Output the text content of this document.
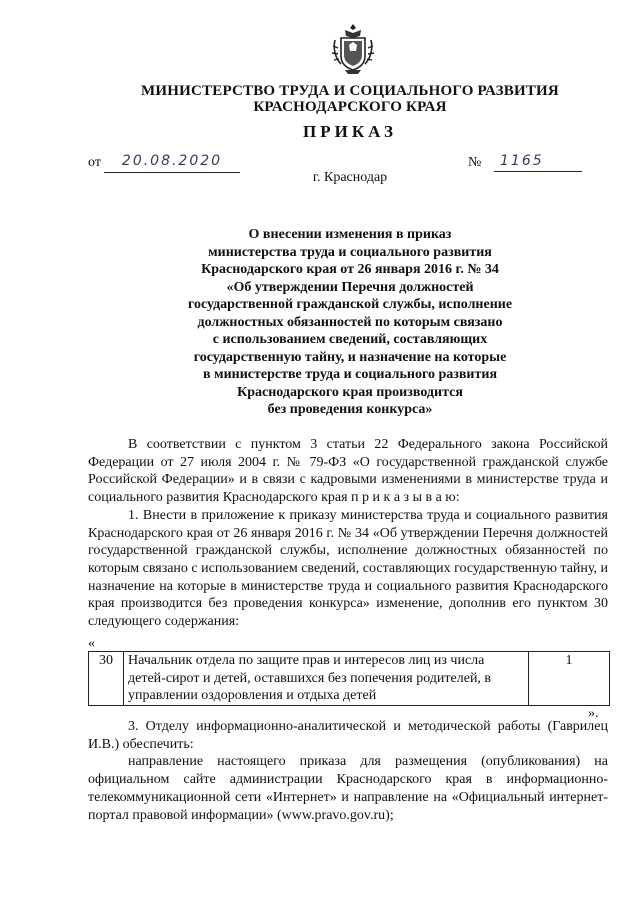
МИНИСТЕРСТВО ТРУДА И СОЦИАЛЬНОГО РАЗВИТИЯ
КРАСНОДАРСКОГО КРАЯ
ПРИКАЗ
от	20.08.2020	№	1165
г. Краснодар
О внесении изменения в приказ
министерства труда и социального развития
Краснодарского края от 26 января 2016 г. № 34
«Об утверждении Перечня должностей
государственной гражданской службы, исполнение
должностных обязанностей по которым связано
с использованием сведений, составляющих
государственную тайну, и назначение на которые
в министерстве труда и социального развития
Краснодарского края производится
без проведения конкурса»

В соответствии с пунктом 3 статьи 22 Федерального закона Российской Федерации от 27 июля 2004 г. № 79-ФЗ «О государственной гражданской службе Российской Федерации» и в связи с кадровыми изменениями в министерстве труда и социального развития Краснодарского края п р и к а з ы в а ю:

1. Внести в приложение к приказу министерства труда и социального развития Краснодарского края от 26 января 2016 г. № 34 «Об утверждении Перечня должностей государственной гражданской службы, исполнение должностных обязанностей по которым связано с использованием сведений, составляющих государственную тайну, и назначение на которые в министерстве труда и социального развития Краснодарского края производится без проведения конкурса» изменение, дополнив его пунктом 30 следующего содержания:

«
30	Начальник отдела по защите прав и интересов лиц из числа детей-сирот и детей, оставшихся без попечения родителей, в управлении оздоровления и отдыха детей	1
».

3. Отделу информационно-аналитической и методической работы (Гаврилец И.В.) обеспечить:

направление настоящего приказа для размещения (опубликования) на официальном сайте администрации Краснодарского края в информационно-телекоммуникационной сети «Интернет» и направление на «Официальный интернет-портал правовой информации» (www.pravo.gov.ru);
